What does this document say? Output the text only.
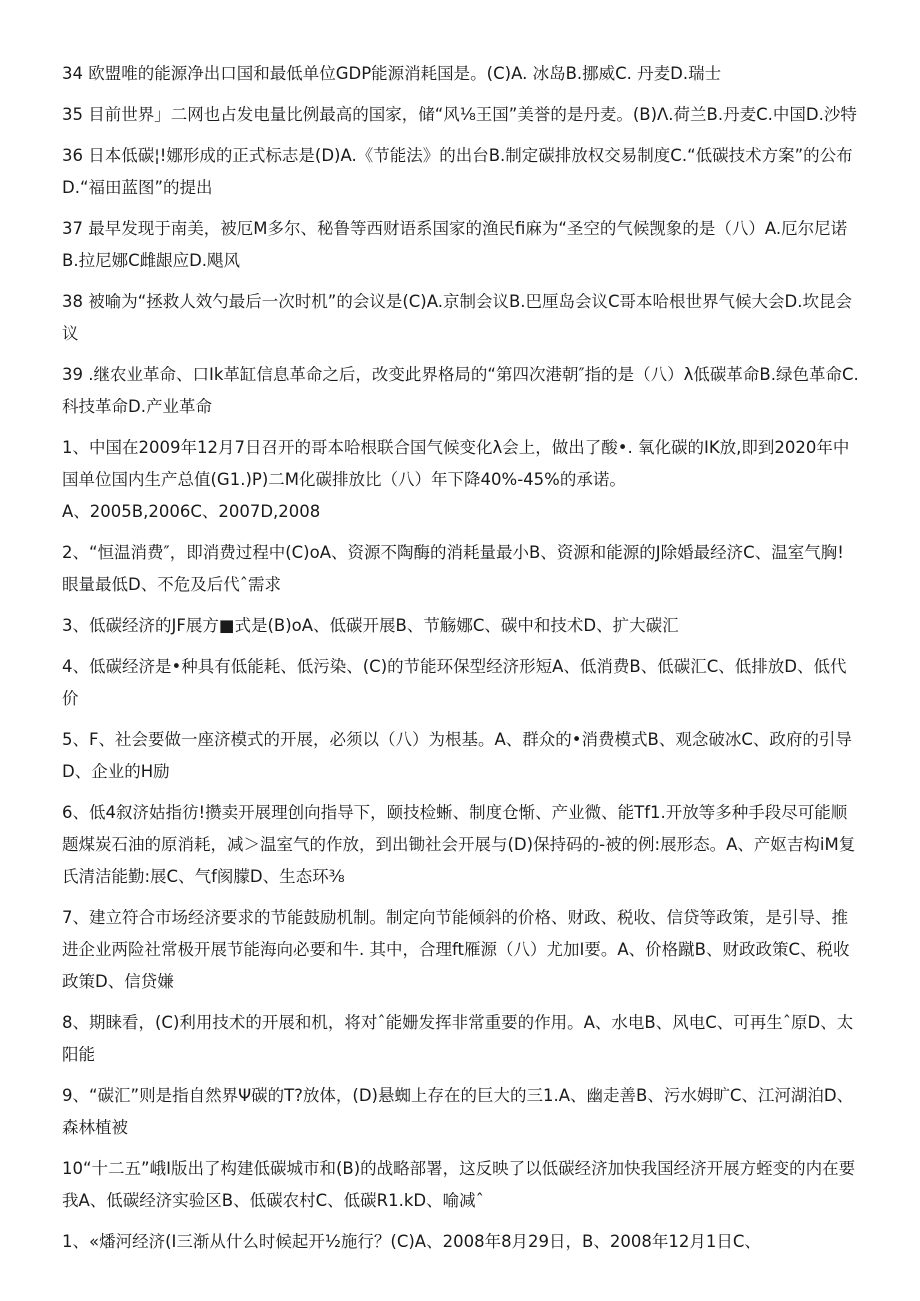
34 欧盟唯的能源净出口国和最低单位GDP能源消耗国是。(C)A. 冰岛B.挪威C. 丹麦D.瑞士

35 目前世界」二网也占发电量比例最高的国家，储“风⅛王国”美誉的是丹麦。(B)Λ.荷兰B.丹麦C.中国D.沙特

36 日本低碳¦!娜形成的正式标志是(D)A.《节能法》的出台B.制定碳排放权交易制度C.“低碳技术方案”的公布D.“福田蓝图”的提出

37 最早发现于南美，被厄M多尔、秘鲁等西财语系国家的渔民fi麻为“圣空的气候觊象的是（八）A.厄尔尼诺B.拉尼娜C雌龈应D.飓风

38 被喻为“拯救人效勺最后一次时机”的会议是(C)A.京制会议B.巴厘岛会议C哥本哈根世界气候大会D.坎昆会议

39 .继农业革命、口Ik革缸信息革命之后，改变此界格局的“第四次港朝″指的是（八）λ低碳革命B.绿色革命C.科技革命D.产业革命

1、中国在2009年12月7日召开的哥本哈根联合国气候变化λ会上，做出了酸•. 氧化碳的IK放,即到2020年中国单位国内生产总值(G1.)P)二M化碳排放比（八）年下降40%-45%的承诺。
A、2005B,2006C、2007D,2008

2、“恒温消费″，即消费过程中(C)oA、资源不陶酶的消耗量最小B、资源和能源的J除婚最经济C、温室气胸!眼量最低D、不危及后代ˆ需求

3、低碳经济的JF展方■式是(B)oA、低碳开展B、节觞娜C、碳中和技术D、扩大碳汇

4、低碳经济是•种具有低能耗、低污染、(C)的节能环保型经济形短A、低消费B、低碳汇C、低排放D、低代价

5、F、社会要做一座济模式的开展，必须以（八）为根基。A、群众的•消费模式B、观念破冰C、政府的引导D、企业的H励

6、低4叙济姑指彷!攒卖开展理创向指导下，颐技检蜥、制度仓惭、产业微、能Tf1.开放等多种手段尽可能顺题煤炭石油的原消耗，减＞温室气的作放，到出锄社会开展与(D)保持码的-被的例:展形态。A、产妪吉构iM复氏清洁能勤:展C、气f阂朦D、生态环⅜

7、建立符合市场经济要求的节能鼓励机制。制定向节能倾斜的价格、财政、税收、信贷等政策，是引导、推进企业两险社常极开展节能海向必要和牛. 其中，合理ft雁源（八）尤加I要。A、价格蹴B、财政政策C、税收政策D、信贷嫌

8、期睐看，(C)利用技术的开展和机，将对ˆ能姗发挥非常重要的作用。A、水电B、风电C、可再生ˆ原D、太阳能

9、“碳汇”则是指自然界Ψ碳的T?放体，(D)悬蜘上存在的巨大的三1.A、幽走善B、污水姆旷C、江河湖泊D、森林植被

10“十二五”峨I版出了构建低碳城市和(B)的战略部署，这反映了以低碳经济加快我国经济开展方蛭变的内在要我A、低碳经济实验区B、低碳农村C、低碳R1.kD、喻减ˆ

1、«燔河经济(I三渐从什么时候起开½施行？(C)A、2008年8月29日，B、2008年12月1日C、
